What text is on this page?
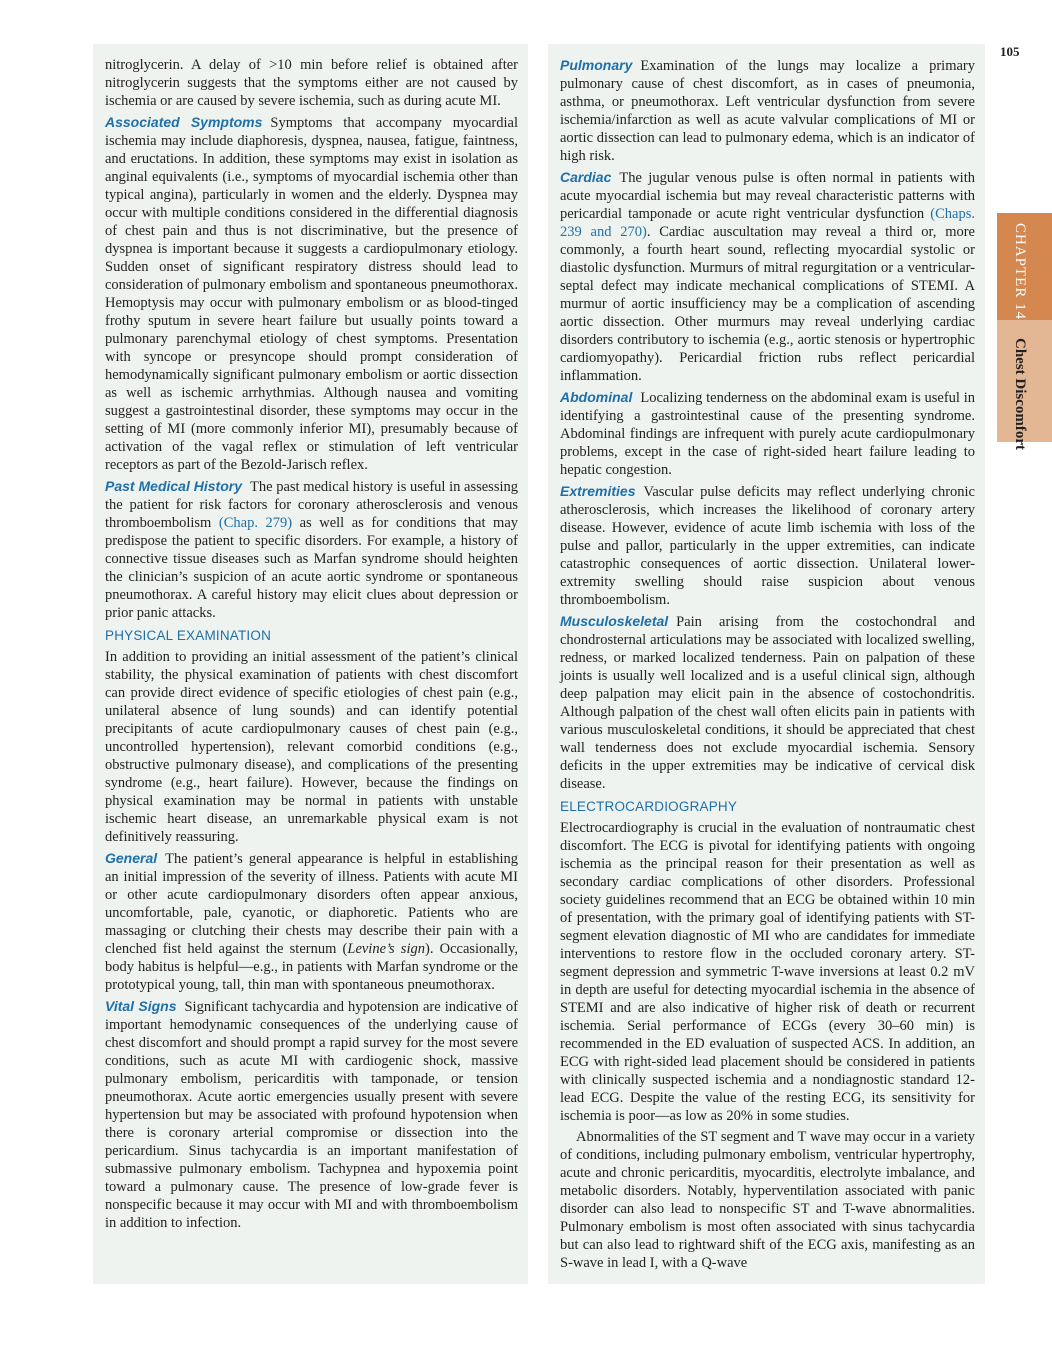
nitroglycerin. A delay of >10 min before relief is obtained after nitroglycerin suggests that the symptoms either are not caused by ischemia or are caused by severe ischemia, such as during acute MI.

Associated Symptoms Symptoms that accompany myocardial ischemia may include diaphoresis, dyspnea, nausea, fatigue, faintness, and eructations. In addition, these symptoms may exist in isolation as anginal equivalents (i.e., symptoms of myocardial ischemia other than typical angina), particularly in women and the elderly. Dyspnea may occur with multiple conditions considered in the differential diagnosis of chest pain and thus is not discriminative, but the presence of dyspnea is important because it suggests a cardiopulmonary etiology. Sudden onset of significant respiratory distress should lead to consideration of pulmonary embolism and spontaneous pneumothorax. Hemoptysis may occur with pulmonary embolism or as blood-tinged frothy sputum in severe heart failure but usually points toward a pulmonary parenchymal etiology of chest symptoms. Presentation with syncope or presyncope should prompt consideration of hemodynamically significant pulmonary embolism or aortic dissection as well as ischemic arrhythmias. Although nausea and vomiting suggest a gastrointestinal disorder, these symptoms may occur in the setting of MI (more commonly inferior MI), presumably because of activation of the vagal reflex or stimulation of left ventricular receptors as part of the Bezold-Jarisch reflex.

Past Medical History The past medical history is useful in assessing the patient for risk factors for coronary atherosclerosis and venous thromboembolism (Chap. 279) as well as for conditions that may predispose the patient to specific disorders. For example, a history of connective tissue diseases such as Marfan syndrome should heighten the clinician’s suspicion of an acute aortic syndrome or spontaneous pneumothorax. A careful history may elicit clues about depression or prior panic attacks.

PHYSICAL EXAMINATION

In addition to providing an initial assessment of the patient’s clinical stability, the physical examination of patients with chest discomfort can provide direct evidence of specific etiologies of chest pain (e.g., unilateral absence of lung sounds) and can identify potential precipitants of acute cardiopulmonary causes of chest pain (e.g., uncontrolled hypertension), relevant comorbid conditions (e.g., obstructive pulmonary disease), and complications of the presenting syndrome (e.g., heart failure). However, because the findings on physical examination may be normal in patients with unstable ischemic heart disease, an unremarkable physical exam is not definitively reassuring.

General The patient’s general appearance is helpful in establishing an initial impression of the severity of illness. Patients with acute MI or other acute cardiopulmonary disorders often appear anxious, uncomfortable, pale, cyanotic, or diaphoretic. Patients who are massaging or clutching their chests may describe their pain with a clenched fist held against the sternum (Levine’s sign). Occasionally, body habitus is helpful—e.g., in patients with Marfan syndrome or the prototypical young, tall, thin man with spontaneous pneumothorax.

Vital Signs Significant tachycardia and hypotension are indicative of important hemodynamic consequences of the underlying cause of chest discomfort and should prompt a rapid survey for the most severe conditions, such as acute MI with cardiogenic shock, massive pulmonary embolism, pericarditis with tamponade, or tension pneumothorax. Acute aortic emergencies usually present with severe hypertension but may be associated with profound hypotension when there is coronary arterial compromise or dissection into the pericardium. Sinus tachycardia is an important manifestation of submassive pulmonary embolism. Tachypnea and hypoxemia point toward a pulmonary cause. The presence of low-grade fever is nonspecific because it may occur with MI and with thromboembolism in addition to infection.

Pulmonary Examination of the lungs may localize a primary pulmonary cause of chest discomfort, as in cases of pneumonia, asthma, or pneumothorax. Left ventricular dysfunction from severe ischemia/infarction as well as acute valvular complications of MI or aortic dissection can lead to pulmonary edema, which is an indicator of high risk.

Cardiac The jugular venous pulse is often normal in patients with acute myocardial ischemia but may reveal characteristic patterns with pericardial tamponade or acute right ventricular dysfunction (Chaps. 239 and 270). Cardiac auscultation may reveal a third or, more commonly, a fourth heart sound, reflecting myocardial systolic or diastolic dysfunction. Murmurs of mitral regurgitation or a ventricular-septal defect may indicate mechanical complications of STEMI. A murmur of aortic insufficiency may be a complication of ascending aortic dissection. Other murmurs may reveal underlying cardiac disorders contributory to ischemia (e.g., aortic stenosis or hypertrophic cardiomyopathy). Pericardial friction rubs reflect pericardial inflammation.

Abdominal Localizing tenderness on the abdominal exam is useful in identifying a gastrointestinal cause of the presenting syndrome. Abdominal findings are infrequent with purely acute cardiopulmonary problems, except in the case of right-sided heart failure leading to hepatic congestion.

Extremities Vascular pulse deficits may reflect underlying chronic atherosclerosis, which increases the likelihood of coronary artery disease. However, evidence of acute limb ischemia with loss of the pulse and pallor, particularly in the upper extremities, can indicate catastrophic consequences of aortic dissection. Unilateral lower-extremity swelling should raise suspicion about venous thromboembolism.

Musculoskeletal Pain arising from the costochondral and chondrosternal articulations may be associated with localized swelling, redness, or marked localized tenderness. Pain on palpation of these joints is usually well localized and is a useful clinical sign, although deep palpation may elicit pain in the absence of costochondritis. Although palpation of the chest wall often elicits pain in patients with various musculoskeletal conditions, it should be appreciated that chest wall tenderness does not exclude myocardial ischemia. Sensory deficits in the upper extremities may be indicative of cervical disk disease.

ELECTROCARDIOGRAPHY

Electrocardiography is crucial in the evaluation of nontraumatic chest discomfort. The ECG is pivotal for identifying patients with ongoing ischemia as the principal reason for their presentation as well as secondary cardiac complications of other disorders. Professional society guidelines recommend that an ECG be obtained within 10 min of presentation, with the primary goal of identifying patients with ST-segment elevation diagnostic of MI who are candidates for immediate interventions to restore flow in the occluded coronary artery. ST-segment depression and symmetric T-wave inversions at least 0.2 mV in depth are useful for detecting myocardial ischemia in the absence of STEMI and are also indicative of higher risk of death or recurrent ischemia. Serial performance of ECGs (every 30–60 min) is recommended in the ED evaluation of suspected ACS. In addition, an ECG with right-sided lead placement should be considered in patients with clinically suspected ischemia and a nondiagnostic standard 12-lead ECG. Despite the value of the resting ECG, its sensitivity for ischemia is poor—as low as 20% in some studies.

Abnormalities of the ST segment and T wave may occur in a variety of conditions, including pulmonary embolism, ventricular hypertrophy, acute and chronic pericarditis, myocarditis, electrolyte imbalance, and metabolic disorders. Notably, hyperventilation associated with panic disorder can also lead to nonspecific ST and T-wave abnormalities. Pulmonary embolism is most often associated with sinus tachycardia but can also lead to rightward shift of the ECG axis, manifesting as an S-wave in lead I, with a Q-wave

105
CHAPTER 14 Chest Discomfort
